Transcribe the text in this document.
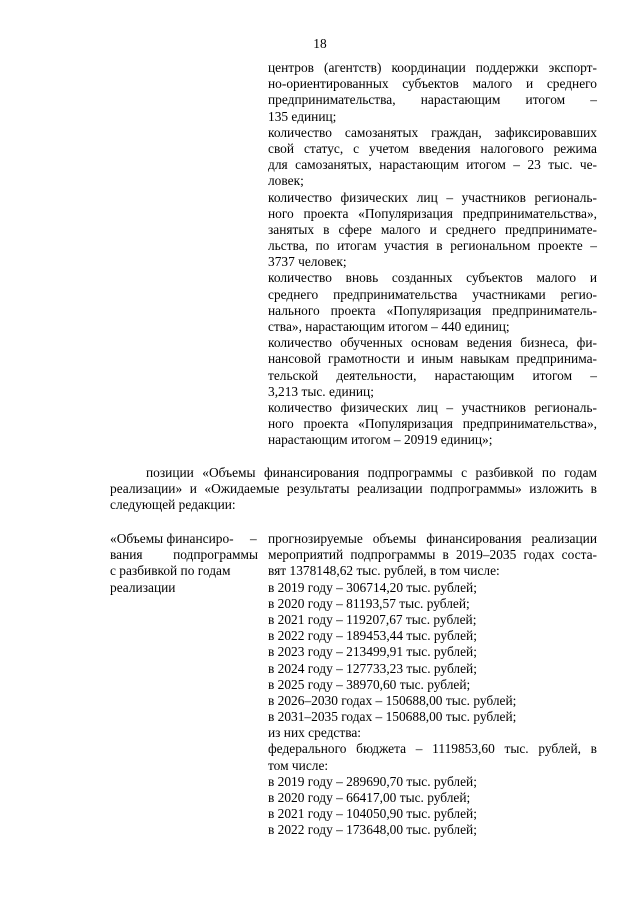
18
центров (агентств) координации поддержки экспорт-
но-ориентированных субъектов малого и среднего
предпринимательства, нарастающим итогом –
135 единиц;
количество самозанятых граждан, зафиксировавших
свой статус, с учетом введения налогового режима
для самозанятых, нарастающим итогом – 23 тыс. че-
ловек;
количество физических лиц – участников региональ-
ного проекта «Популяризация предпринимательства»,
занятых в сфере малого и среднего предпринимате-
льства, по итогам участия в региональном проекте –
3737 человек;
количество вновь созданных субъектов малого и
среднего предпринимательства участниками регио-
нального проекта «Популяризация предприниматель-
ства», нарастающим итогом – 440 единиц;
количество обученных основам ведения бизнеса, фи-
нансовой грамотности и иным навыкам предпринима-
тельской деятельности, нарастающим итогом –
3,213 тыс. единиц;
количество физических лиц – участников региональ-
ного проекта «Популяризация предпринимательства»,
нарастающим итогом – 20919 единиц»;
позиции «Объемы финансирования подпрограммы с разбивкой по годам
реализации» и «Ожидаемые результаты реализации подпрограммы» изложить в
следующей редакции:
«Объемы финансиро-
вания подпрограммы
с разбивкой по годам
реализации
– прогнозируемые объемы финансирования реализации
мероприятий подпрограммы в 2019–2035 годах соста-
вят 1378148,62 тыс. рублей, в том числе:
в 2019 году – 306714,20 тыс. рублей;
в 2020 году – 81193,57 тыс. рублей;
в 2021 году – 119207,67 тыс. рублей;
в 2022 году – 189453,44 тыс. рублей;
в 2023 году – 213499,91 тыс. рублей;
в 2024 году – 127733,23 тыс. рублей;
в 2025 году – 38970,60 тыс. рублей;
в 2026–2030 годах – 150688,00 тыс. рублей;
в 2031–2035 годах – 150688,00 тыс. рублей;
из них средства:
федерального бюджета – 1119853,60 тыс. рублей, в
том числе:
в 2019 году – 289690,70 тыс. рублей;
в 2020 году – 66417,00 тыс. рублей;
в 2021 году – 104050,90 тыс. рублей;
в 2022 году – 173648,00 тыс. рублей;
